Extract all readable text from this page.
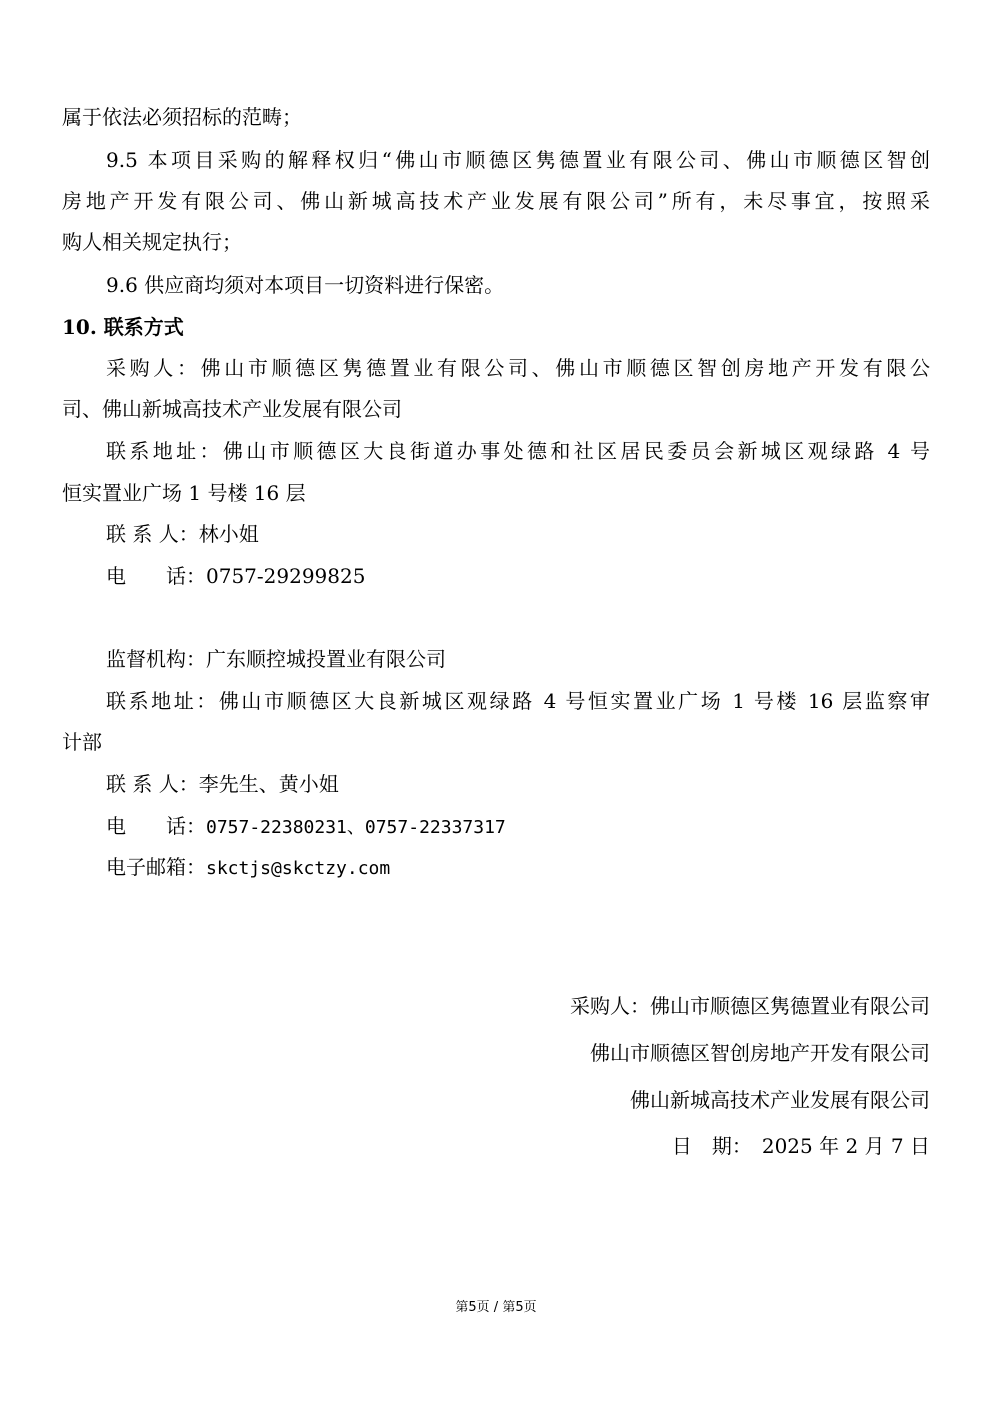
属于依法必须招标的范畴；
9.5 本项目采购的解释权归“佛山市顺德区隽德置业有限公司、佛山市顺德区智创
房地产开发有限公司、佛山新城高技术产业发展有限公司”所有，未尽事宜，按照采
购人相关规定执行；
9.6 供应商均须对本项目一切资料进行保密。
10. 联系方式
采购人：佛山市顺德区隽德置业有限公司、佛山市顺德区智创房地产开发有限公
司、佛山新城高技术产业发展有限公司
联系地址：佛山市顺德区大良街道办事处德和社区居民委员会新城区观绿路 4 号
恒实置业广场 1 号楼 16 层
联 系 人：林小姐
电　　话：0757-29299825
监督机构：广东顺控城投置业有限公司
联系地址：佛山市顺德区大良新城区观绿路 4 号恒实置业广场 1 号楼 16 层监察审
计部
联 系 人：李先生、黄小姐
电　　话：0757-22380231、0757-22337317
电子邮箱：skctjs@skctzy.com
采购人：佛山市顺德区隽德置业有限公司
佛山市顺德区智创房地产开发有限公司
佛山新城高技术产业发展有限公司
日　期：　2025 年 2 月 7 日
第5页 / 第5页
